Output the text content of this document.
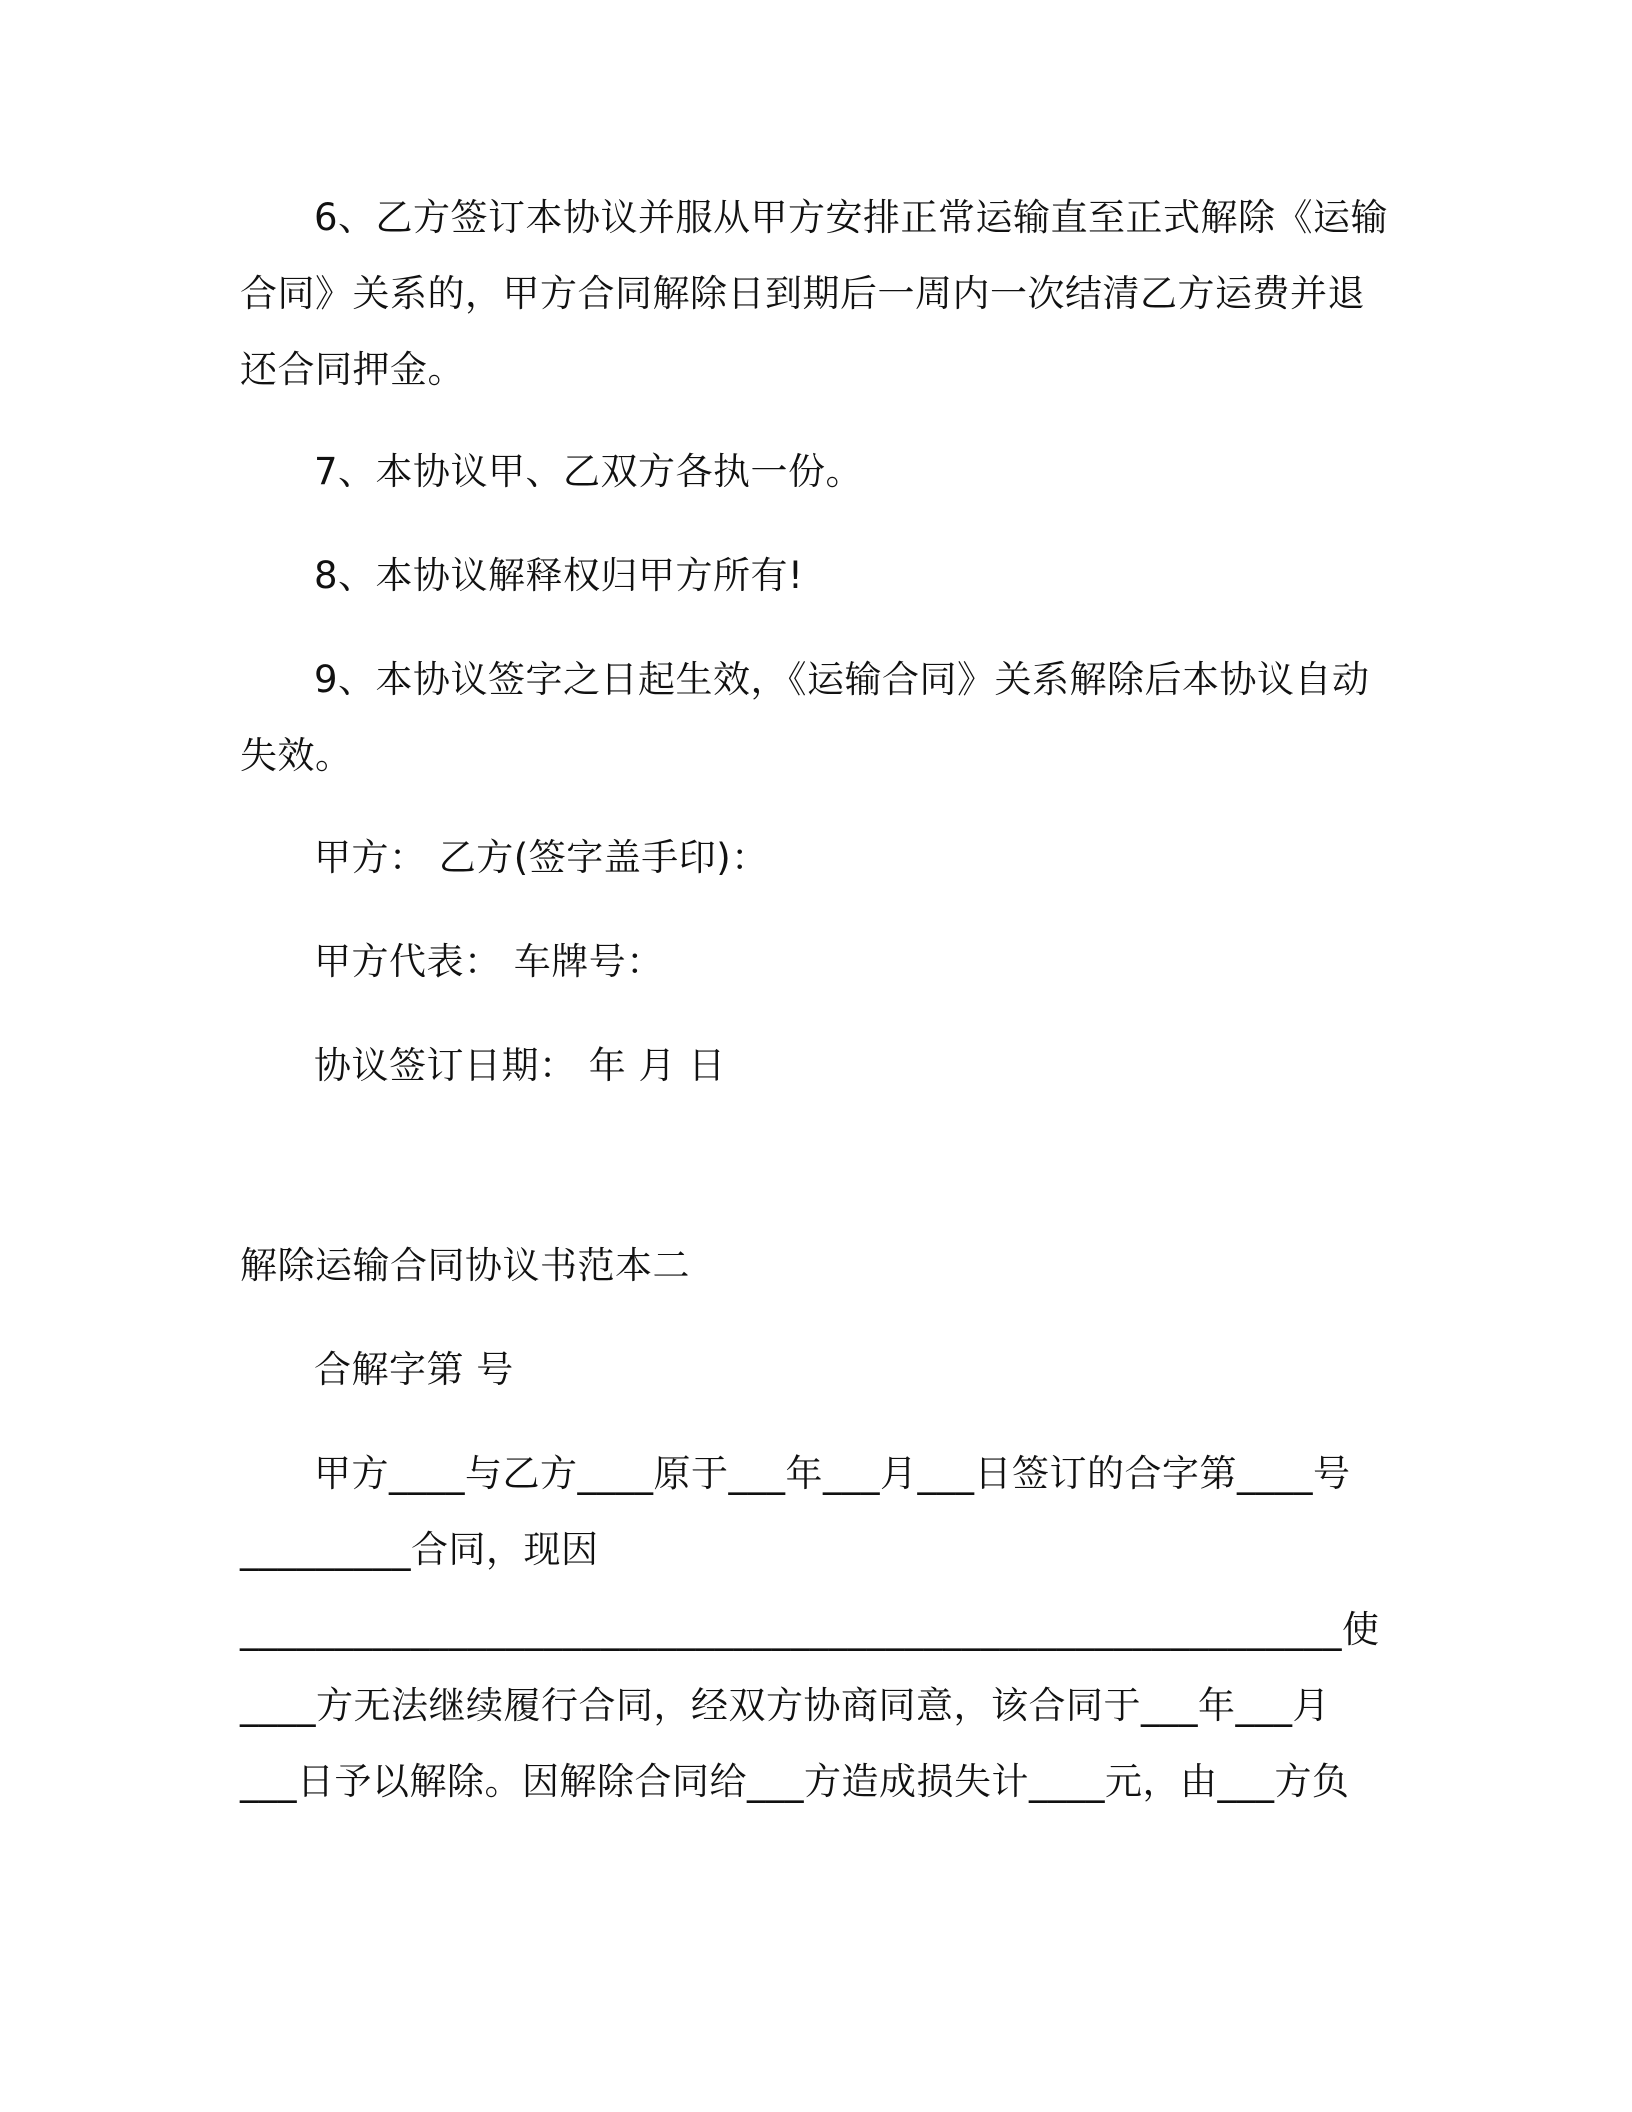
6、乙方签订本协议并服从甲方安排正常运输直至正式解除《运输
合同》关系的，甲方合同解除日到期后一周内一次结清乙方运费并退
还合同押金。
7、本协议甲、乙双方各执一份。
8、本协议解释权归甲方所有!
9、本协议签字之日起生效，《运输合同》关系解除后本协议自动
失效。
甲方： 乙方(签字盖手印)：
甲方代表： 车牌号：
协议签订日期： 年 月 日
解除运输合同协议书范本二
合解字第 号
甲方____与乙方____原于___年___月___日签订的合字第____号
_________合同，现因
__________________________________________________________使
____方无法继续履行合同，经双方协商同意，该合同于___年___月
___日予以解除。因解除合同给___方造成损失计____元，由___方负
